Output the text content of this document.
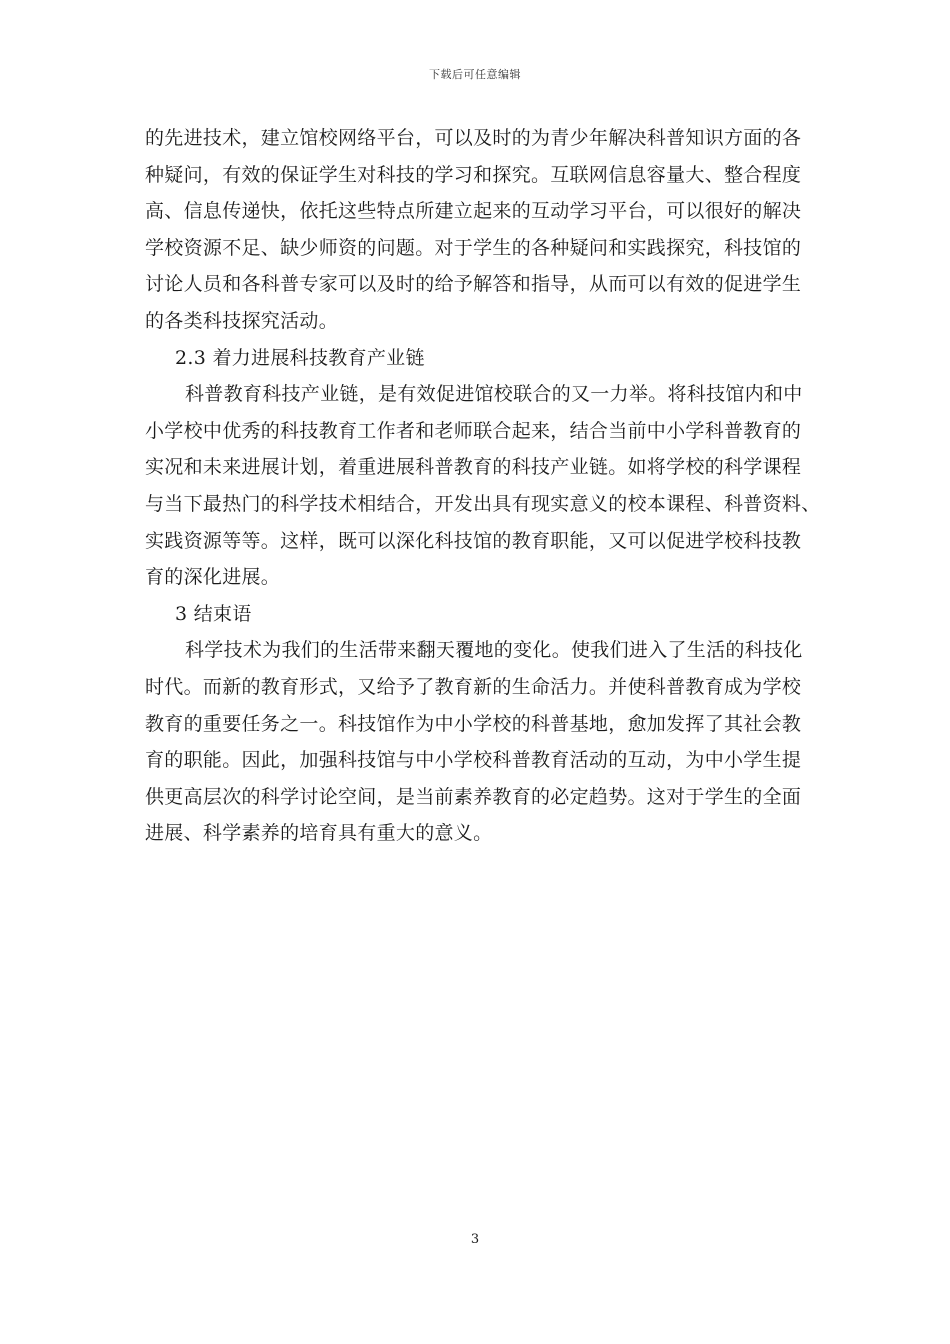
下载后可任意编辑
的先进技术，建立馆校网络平台，可以及时的为青少年解决科普知识方面的各
种疑问，有效的保证学生对科技的学习和探究。互联网信息容量大、整合程度
高、信息传递快，依托这些特点所建立起来的互动学习平台，可以很好的解决
学校资源不足、缺少师资的问题。对于学生的各种疑问和实践探究，科技馆的
讨论人员和各科普专家可以及时的给予解答和指导，从而可以有效的促进学生
的各类科技探究活动。
2.3 着力进展科技教育产业链
科普教育科技产业链，是有效促进馆校联合的又一力举。将科技馆内和中
小学校中优秀的科技教育工作者和老师联合起来，结合当前中小学科普教育的
实况和未来进展计划，着重进展科普教育的科技产业链。如将学校的科学课程
与当下最热门的科学技术相结合，开发出具有现实意义的校本课程、科普资料、
实践资源等等。这样，既可以深化科技馆的教育职能，又可以促进学校科技教
育的深化进展。
3 结束语
科学技术为我们的生活带来翻天覆地的变化。使我们进入了生活的科技化
时代。而新的教育形式，又给予了教育新的生命活力。并使科普教育成为学校
教育的重要任务之一。科技馆作为中小学校的科普基地，愈加发挥了其社会教
育的职能。因此，加强科技馆与中小学校科普教育活动的互动，为中小学生提
供更高层次的科学讨论空间，是当前素养教育的必定趋势。这对于学生的全面
进展、科学素养的培育具有重大的意义。
3
